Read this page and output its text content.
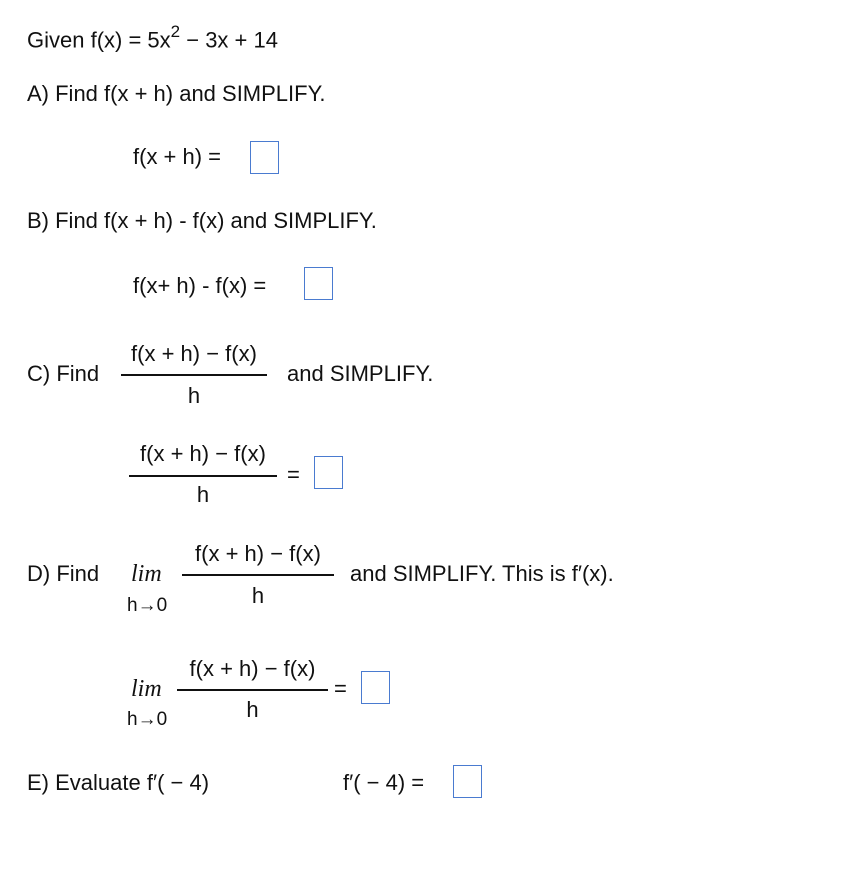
Given $f(x) = 5x^2 - 3x + 14$
A) Find f(x + h) and SIMPLIFY.
f(x + h) =
B) Find f(x + h) - f(x) and SIMPLIFY.
f(x+ h) - f(x) =
C) Find
f(x + h) − f(x)
h
and SIMPLIFY.
f(x + h) − f(x)
h
=
D) Find lim
h→0
f(x + h) − f(x)
h
and SIMPLIFY. This is f′(x).
lim
h→0
f(x + h) − f(x)
h
=
E) Evaluate f′( − 4)	f′( − 4) =
